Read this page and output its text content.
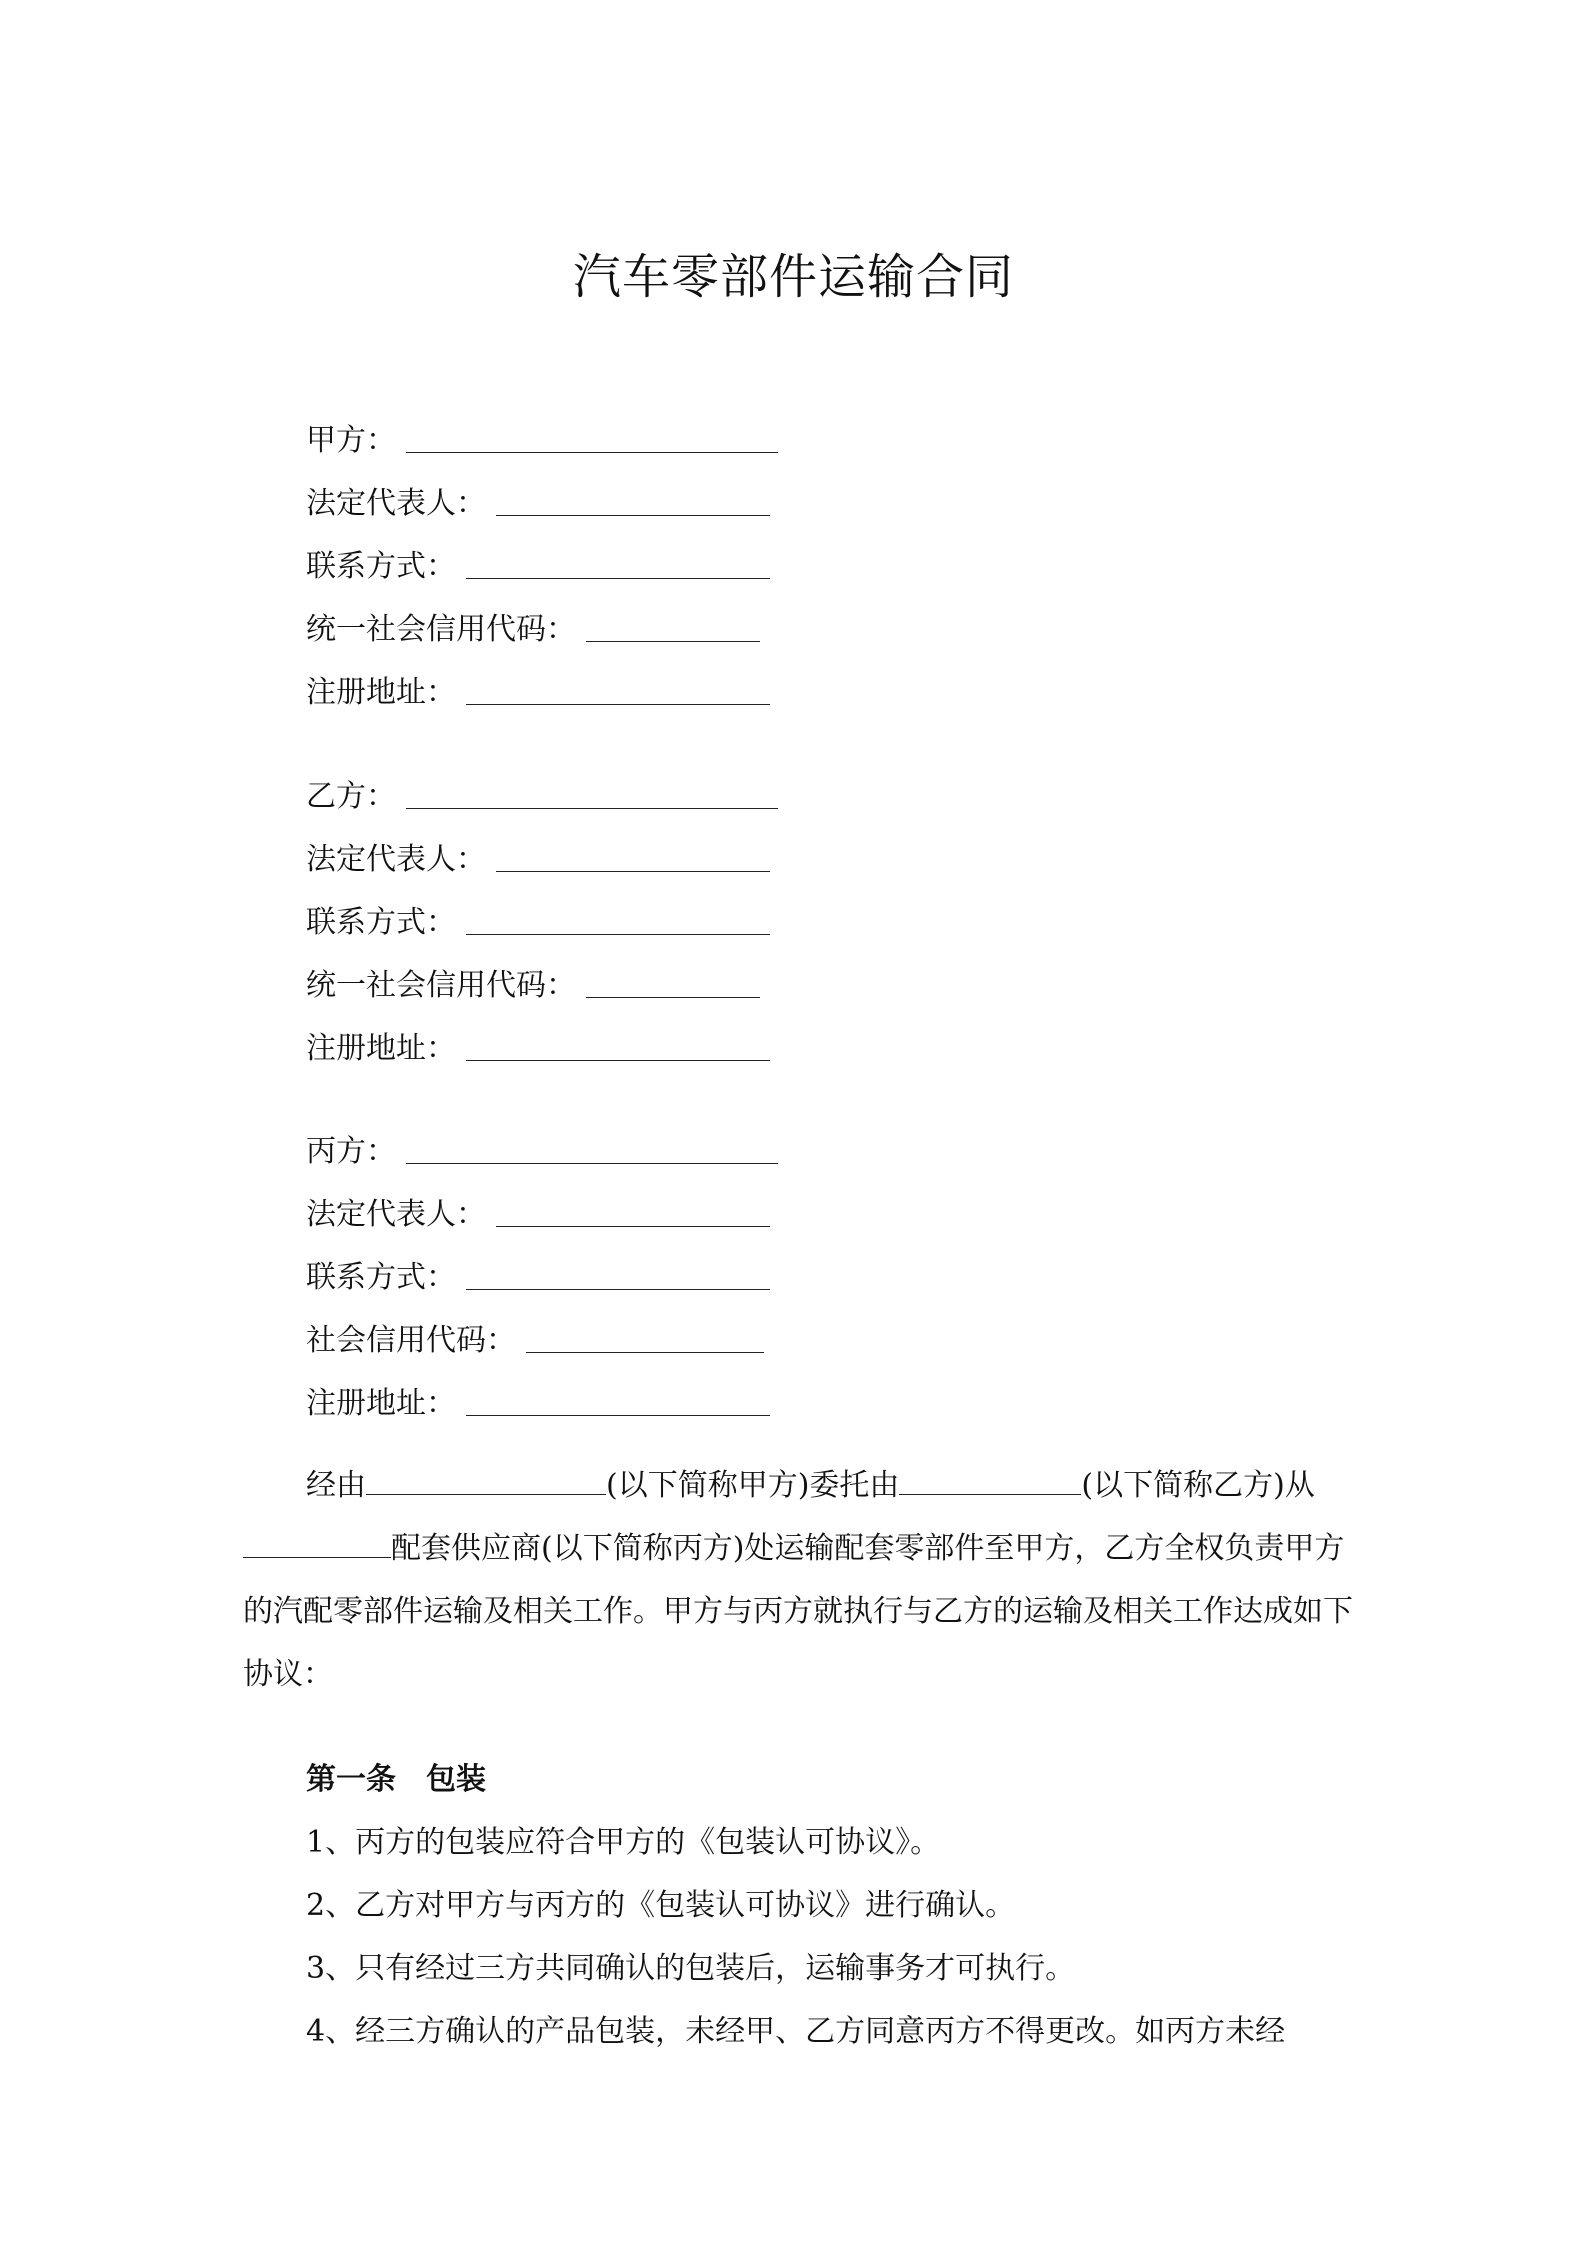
汽车零部件运输合同
甲方：
法定代表人：
联系方式：
统一社会信用代码：
注册地址：
乙方：
法定代表人：
联系方式：
统一社会信用代码：
注册地址：
丙方：
法定代表人：
联系方式：
社会信用代码：
注册地址：
经由	(以下简称甲方)委托由	(以下简称乙方)从配套供应商(以下简称丙方)处运输配套零部件至甲方，乙方全权负责甲方的汽配零部件运输及相关工作。甲方与丙方就执行与乙方的运输及相关工作达成如下协议：
第一条 包装
1、丙方的包装应符合甲方的《包装认可协议》。
2、乙方对甲方与丙方的《包装认可协议》进行确认。
3、只有经过三方共同确认的包装后，运输事务才可执行。
4、经三方确认的产品包装，未经甲、乙方同意丙方不得更改。如丙方未经
